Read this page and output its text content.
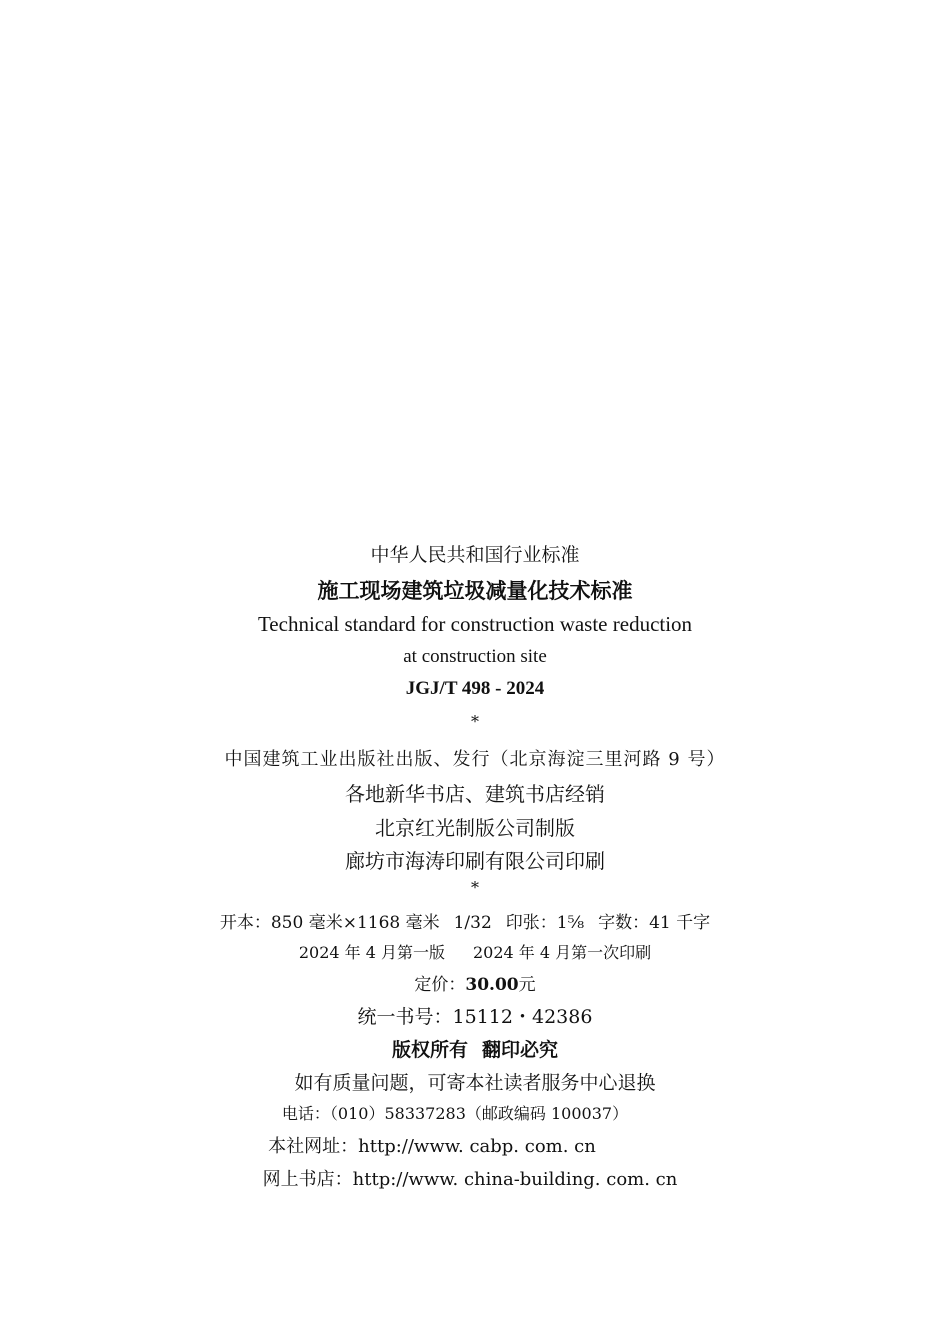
中华人民共和国行业标准
施工现场建筑垃圾减量化技术标准
Technical standard for construction waste reduction
at construction site
JGJ/T 498 - 2024
*
中国建筑工业出版社出版、发行（北京海淀三里河路 9 号）
各地新华书店、建筑书店经销
北京红光制版公司制版
廊坊市海涛印刷有限公司印刷
*
开本：850 毫米×1168 毫米 1/32 印张：1⅝ 字数：41 千字
2024 年 4 月第一版 2024 年 4 月第一次印刷
定价：30.00元
统一书号：15112・42386
版权所有 翻印必究
如有质量问题，可寄本社读者服务中心退换
电话：（010）58337283（邮政编码 100037）
本社网址：http://www. cabp. com. cn
网上书店：http://www. china-building. com. cn
